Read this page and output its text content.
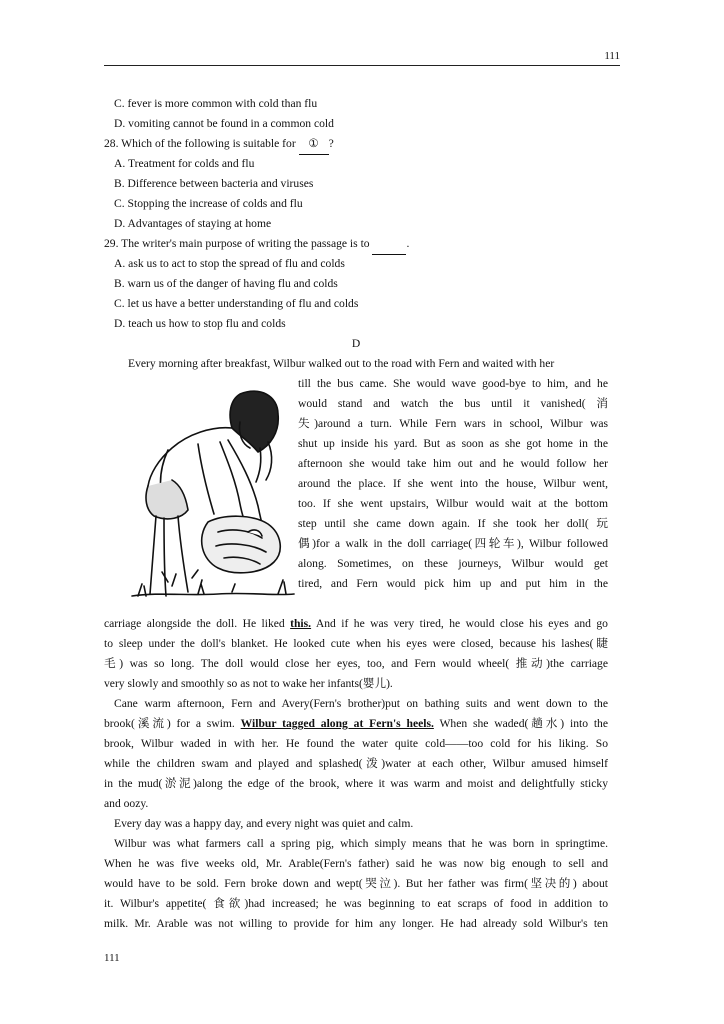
111
C. fever is more common with cold than flu
D. vomiting cannot be found in a common cold
28. Which of the following is suitable for ① ?
A. Treatment for colds and flu
B. Difference between bacteria and viruses
C. Stopping the increase of colds and flu
D. Advantages of staying at home
29. The writer's main purpose of writing the passage is to	.
A. ask us to act to stop the spread of flu and colds
B. warn us of the danger of having flu and colds
C. let us have a better understanding of flu and colds
D. teach us how to stop flu and colds
D
Every morning after breakfast, Wilbur walked out to the road with Fern and waited with her
till the bus came. She would wave good-bye to him, and he
would stand and watch the bus until it vanished( 消
失)around a turn. While Fern wars in school, Wilbur was
shut up inside his yard. But as soon as she got home in the
afternoon she would take him out and he would follow her
around the place. If she went into the house, Wilbur went,
too. If she went upstairs, Wilbur would wait at the bottom
step until she came down again. If she took her doll( 玩
偶)for a walk in the doll carriage(四轮车), Wilbur followed
along. Sometimes, on these journeys, Wilbur would get
tired, and Fern would pick him up and put him in the
carriage alongside the doll. He liked this. And if he was very tired, he would close his eyes and go
to sleep under the doll's blanket. He looked cute when his eyes were closed, because his lashes(睫
毛) was so long. The doll would close her eyes, too, and Fern would wheel( 推动)the carriage
very slowly and smoothly so as not to wake her infants(婴儿).
Cane warm afternoon, Fern and Avery(Fern's brother)put on bathing suits and went down to the
brook(溪流) for a swim. Wilbur tagged along at Fern's heels. When she waded(趟水) into the
brook, Wilbur waded in with her. He found the water quite cold——too cold for his liking. So
while the children swam and played and splashed(泼)water at each other, Wilbur amused himself
in the mud(淤泥)along the edge of the brook, where it was warm and moist and delightfully sticky
and oozy.
Every day was a happy day, and every night was quiet and calm.
Wilbur was what farmers call a spring pig, which simply means that he was born in springtime.
When he was five weeks old, Mr. Arable(Fern's father) said he was now big enough to sell and
would have to be sold. Fern broke down and wept(哭泣). But her father was firm(坚决的) about
it. Wilbur's appetite( 食欲)had increased; he was beginning to eat scraps of food in addition to
milk. Mr. Arable was not willing to provide for him any longer. He had already sold Wilbur's ten
111
